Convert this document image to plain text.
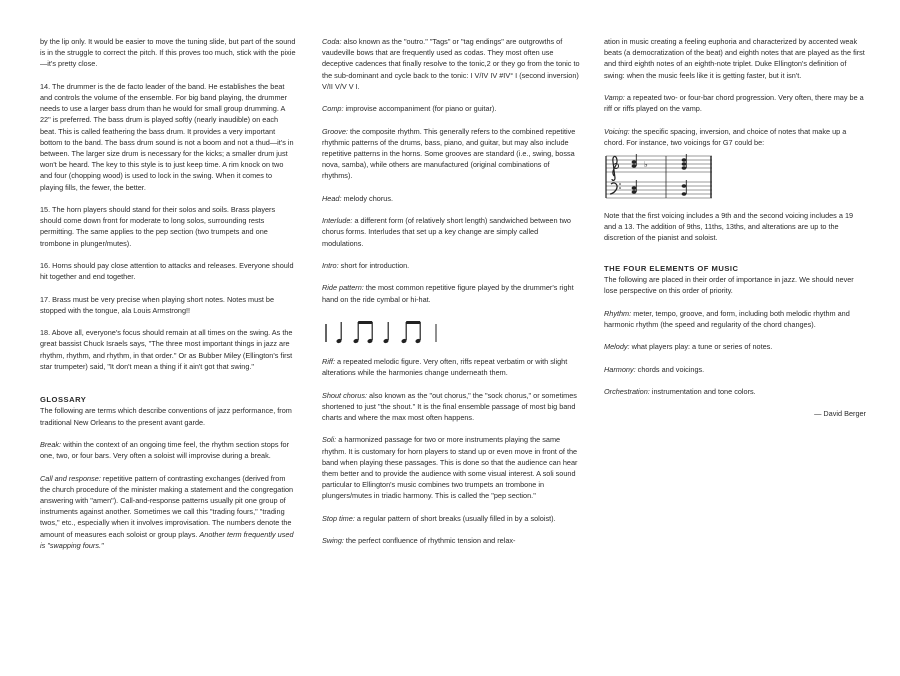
by the lip only. It would be easier to move the tuning slide, but part of the sound is in the struggle to correct the pitch. If this proves too much, stick with the pixie—it's pretty close.

14. The drummer is the de facto leader of the band. He establishes the beat and controls the volume of the ensemble. For big band playing, the drummer needs to use a larger bass drum than he would for small group drumming. A 22" is preferred. The bass drum is played softly (nearly inaudible) on each beat. This is called feathering the bass drum. It provides a very important bottom to the band. The bass drum sound is not a boom and not a thud—it's in between. The larger size drum is necessary for the kicks; a smaller drum just won't be heard. The key to this style is to just keep time. A rim knock on two and four (chopping wood) is used to lock in the swing. When it comes to playing fills, the fewer, the better.

15. The horn players should stand for their solos and soils. Brass players should come down front for moderate to long solos, surrounding rests permitting. The same applies to the pep section (two trumpets and one trombone in plunger/mutes).

16. Horns should pay close attention to attacks and releases. Everyone should hit together and end together.

17. Brass must be very precise when playing short notes. Notes must be stopped with the tongue, ala Louis Armstrong!!

18. Above all, everyone's focus should remain at all times on the swing. As the great bassist Chuck Israels says, "The three most important things in jazz are rhythm, rhythm, and rhythm, in that order." Or as Bubber Miley (Ellington's first star trumpeter) said, "It don't mean a thing if it ain't got that swing."

GLOSSARY

The following are terms which describe conventions of jazz performance, from traditional New Orleans to the present avant garde.

Break: within the context of an ongoing time feel, the rhythm section stops for one, two, or four bars. Very often a soloist will improvise during a break.

Call and response: repetitive pattern of contrasting exchanges (derived from the church procedure of the minister making a statement and the congregation answering with "amen"). Call-and-response patterns usually pit one group of instruments against another. Sometimes we call this "trading fours," "trading twos," etc., especially when it involves improvisation. The numbers denote the amount of measures each soloist or group plays. Another term frequently used is "swapping fours."

Coda: also known as the "outro." "Tags" or "tag endings" are outgrowths of vaudeville bows that are frequently used as codas. They most often use deceptive cadences that finally resolve to the tonic,2 or they go from the tonic to the sub-dominant and cycle back to the tonic: I V/IV IV #IV° I (second inversion) V/II V/V V I.

Comp: improvise accompaniment (for piano or guitar).

Groove: the composite rhythm. This generally refers to the combined repetitive rhythmic patterns of the drums, bass, piano, and guitar, but may also include repetitive patterns in the horns. Some grooves are standard (i.e., swing, bossa nova, samba), while others are manufactured (original combinations of rhythms).

Head: melody chorus.

Interlude: a different form (of relatively short length) sandwiched between two chorus forms. Interludes that set up a key change are simply called modulations.

Intro: short for introduction.

Ride pattern: the most common repetitive figure played by the drummer's right hand on the ride cymbal or hi-hat.

Riff: a repeated melodic figure. Very often, riffs repeat verbatim or with slight alterations while the harmonies change underneath them.

Shout chorus: also known as the "out chorus," the "sock chorus," or sometimes shortened to just "the shout." It is the final ensemble passage of most big band charts and where the max most often happens.

Soli: a harmonized passage for two or more instruments playing the same rhythm. It is customary for horn players to stand up or even move in front of the band when playing these passages. This is done so that the audience can hear them better and to provide the audience with some visual interest. A soli sound particular to Ellington's music combines two trumpets an trombone in plungers/mutes in triadic harmony. This is called the "pep section."

Stop time: a regular pattern of short breaks (usually filled in by a soloist).

Swing: the perfect confluence of rhythmic tension and relax-

ation in music creating a feeling euphoria and characterized by accented weak beats (a democratization of the beat) and eighth notes that are played as the first and third eighth notes of an eighth-note triplet. Duke Ellington's definition of swing: when the music feels like it is getting faster, but it isn't.

Vamp: a repeated two- or four-bar chord progression. Very often, there may be a riff or riffs played on the vamp.

Voicing: the specific spacing, inversion, and choice of notes that make up a chord. For instance, two voicings for G7 could be:

♭

Note that the first voicing includes a 9th and the second voicing includes a 19 and a 13. The addition of 9ths, 11ths, 13ths, and alterations are up to the discretion of the pianist and soloist.

THE FOUR ELEMENTS OF MUSIC

The following are placed in their order of importance in jazz. We should never lose perspective on this order of priority.

Rhythm: meter, tempo, groove, and form, including both melodic rhythm and harmonic rhythm (the speed and regularity of the chord changes).

Melody: what players play: a tune or series of notes.

Harmony: chords and voicings.

Orchestration: instrumentation and tone colors.

— David Berger
